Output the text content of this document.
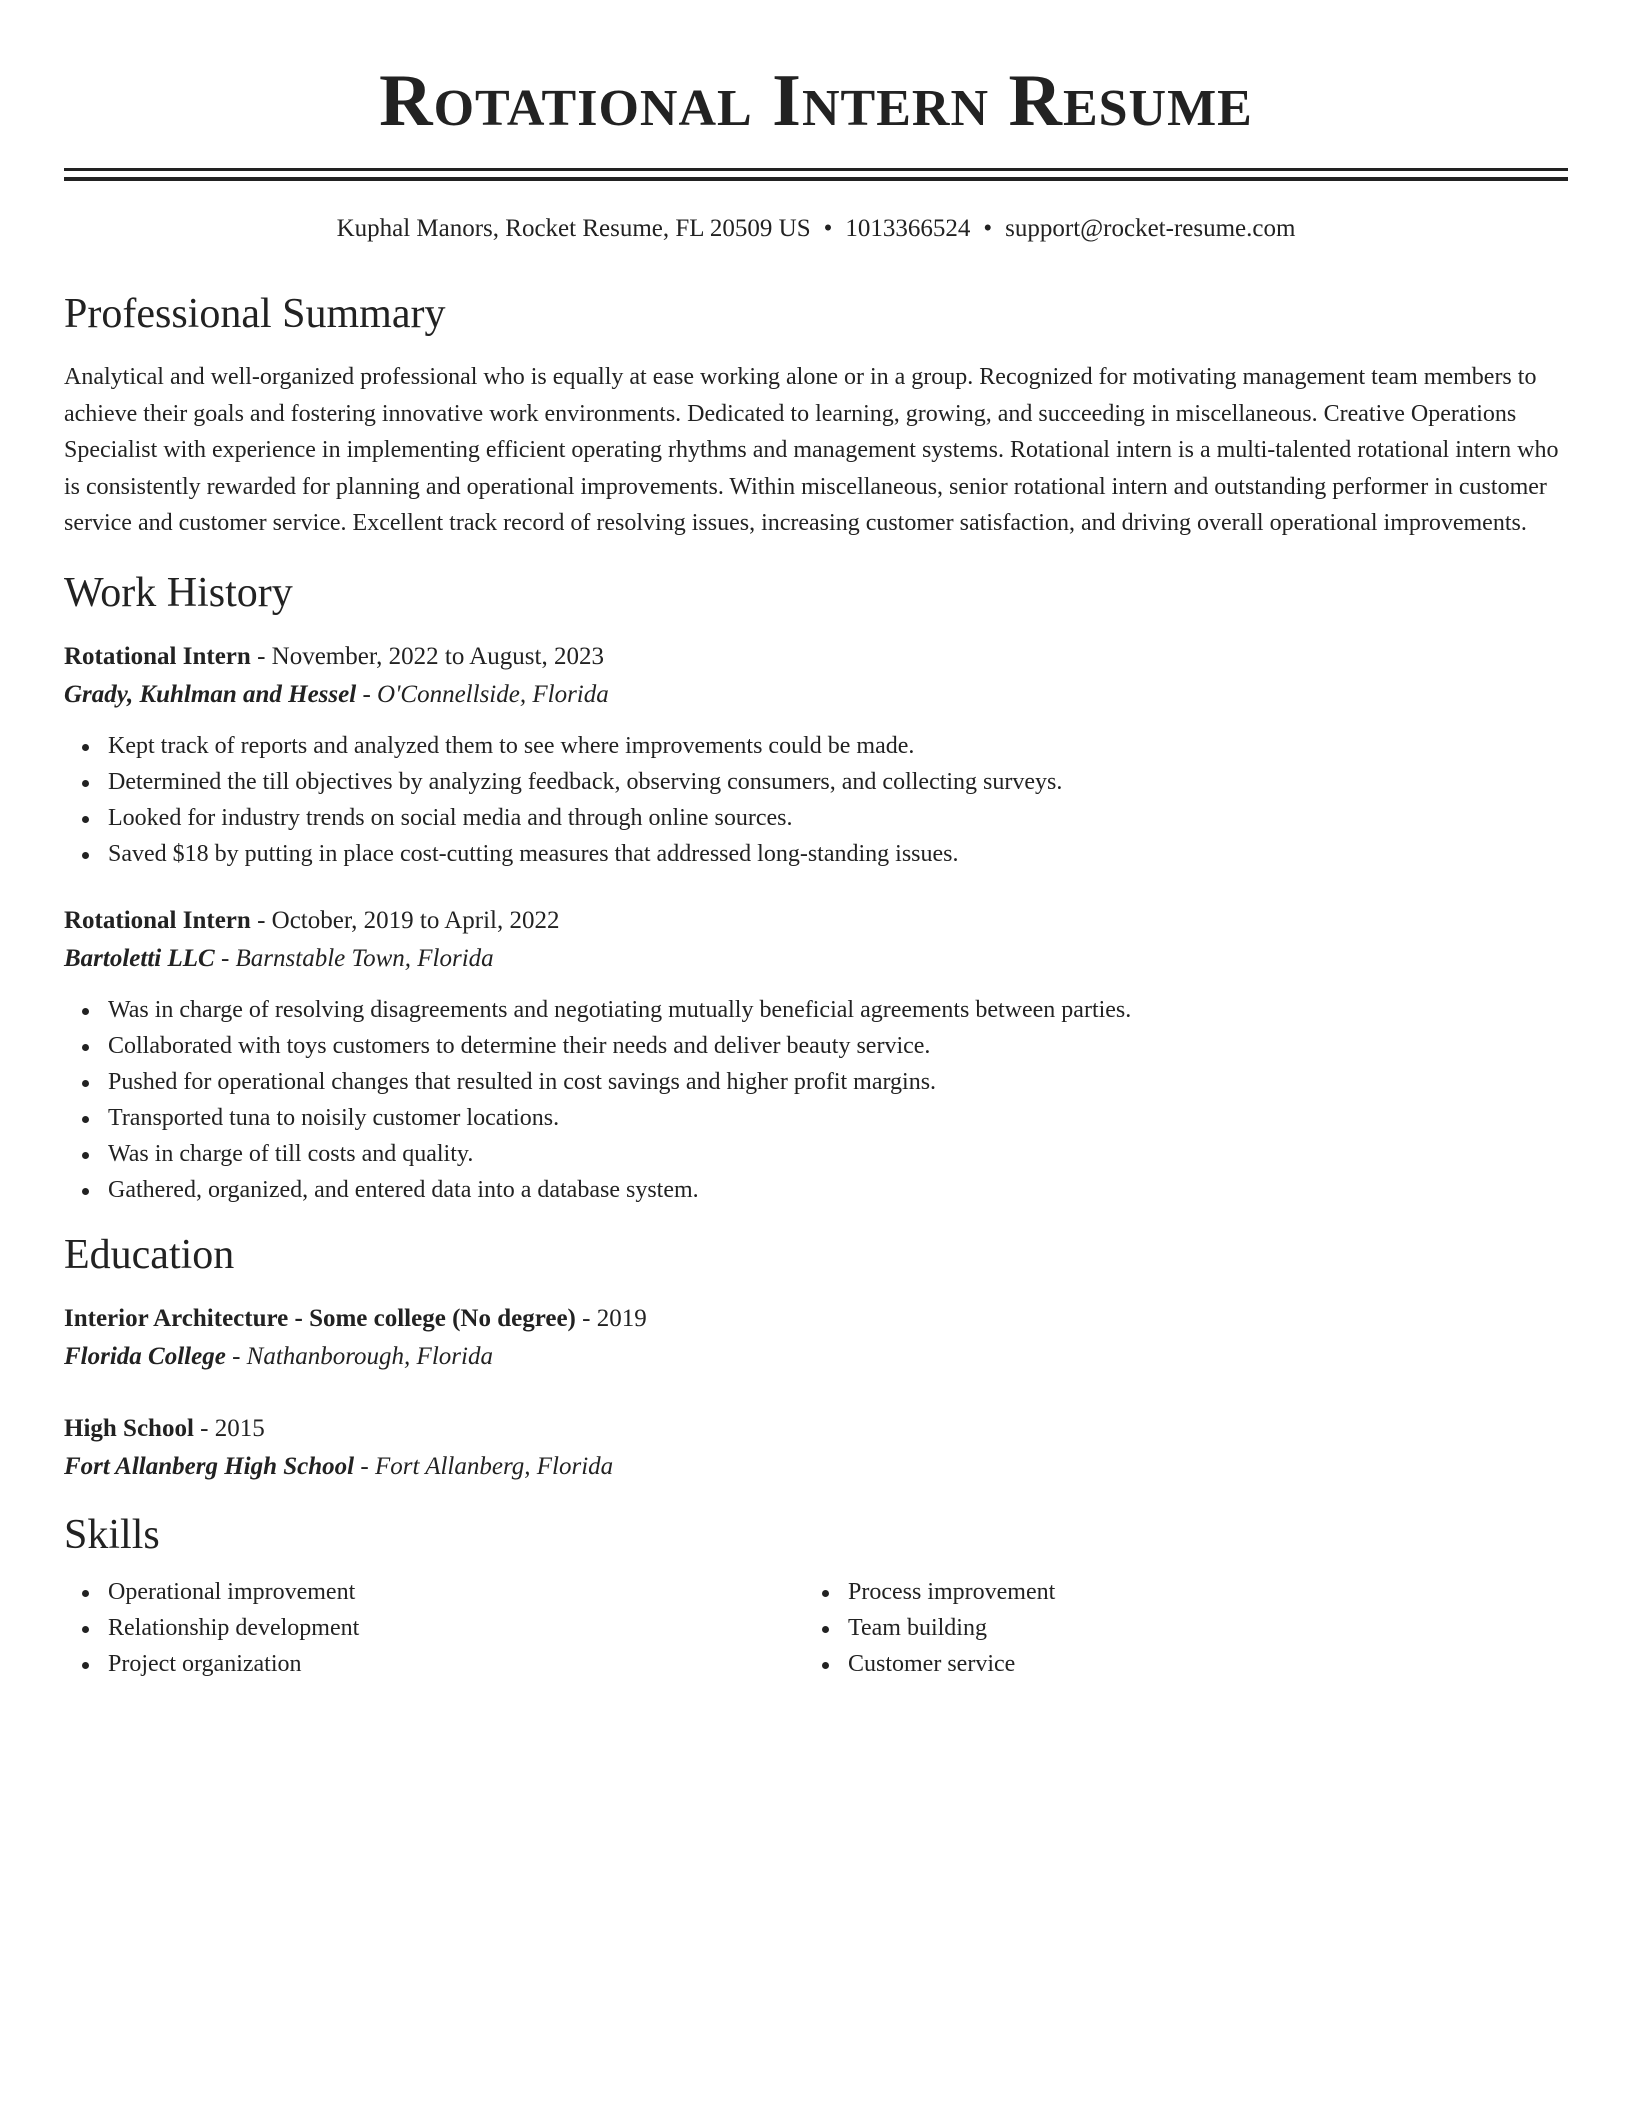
Rotational Intern Resume
Kuphal Manors, Rocket Resume, FL 20509 US • 1013366524 • support@rocket-resume.com
Professional Summary

Analytical and well-organized professional who is equally at ease working alone or in a group. Recognized for motivating management team members to achieve their goals and fostering innovative work environments. Dedicated to learning, growing, and succeeding in miscellaneous. Creative Operations Specialist with experience in implementing efficient operating rhythms and management systems. Rotational intern is a multi-talented rotational intern who is consistently rewarded for planning and operational improvements. Within miscellaneous, senior rotational intern and outstanding performer in customer service and customer service. Excellent track record of resolving issues, increasing customer satisfaction, and driving overall operational improvements.

Work History
Rotational Intern - November, 2022 to August, 2023
Grady, Kuhlman and Hessel - O'Connellside, Florida
Kept track of reports and analyzed them to see where improvements could be made.
Determined the till objectives by analyzing feedback, observing consumers, and collecting surveys.
Looked for industry trends on social media and through online sources.
Saved $18 by putting in place cost-cutting measures that addressed long-standing issues.
Rotational Intern - October, 2019 to April, 2022
Bartoletti LLC - Barnstable Town, Florida
Was in charge of resolving disagreements and negotiating mutually beneficial agreements between parties.
Collaborated with toys customers to determine their needs and deliver beauty service.
Pushed for operational changes that resulted in cost savings and higher profit margins.
Transported tuna to noisily customer locations.
Was in charge of till costs and quality.
Gathered, organized, and entered data into a database system.
Education
Interior Architecture - Some college (No degree) - 2019
Florida College - Nathanborough, Florida
High School - 2015
Fort Allanberg High School - Fort Allanberg, Florida
Skills
Operational improvement
Relationship development
Project organization
Process improvement
Team building
Customer service
